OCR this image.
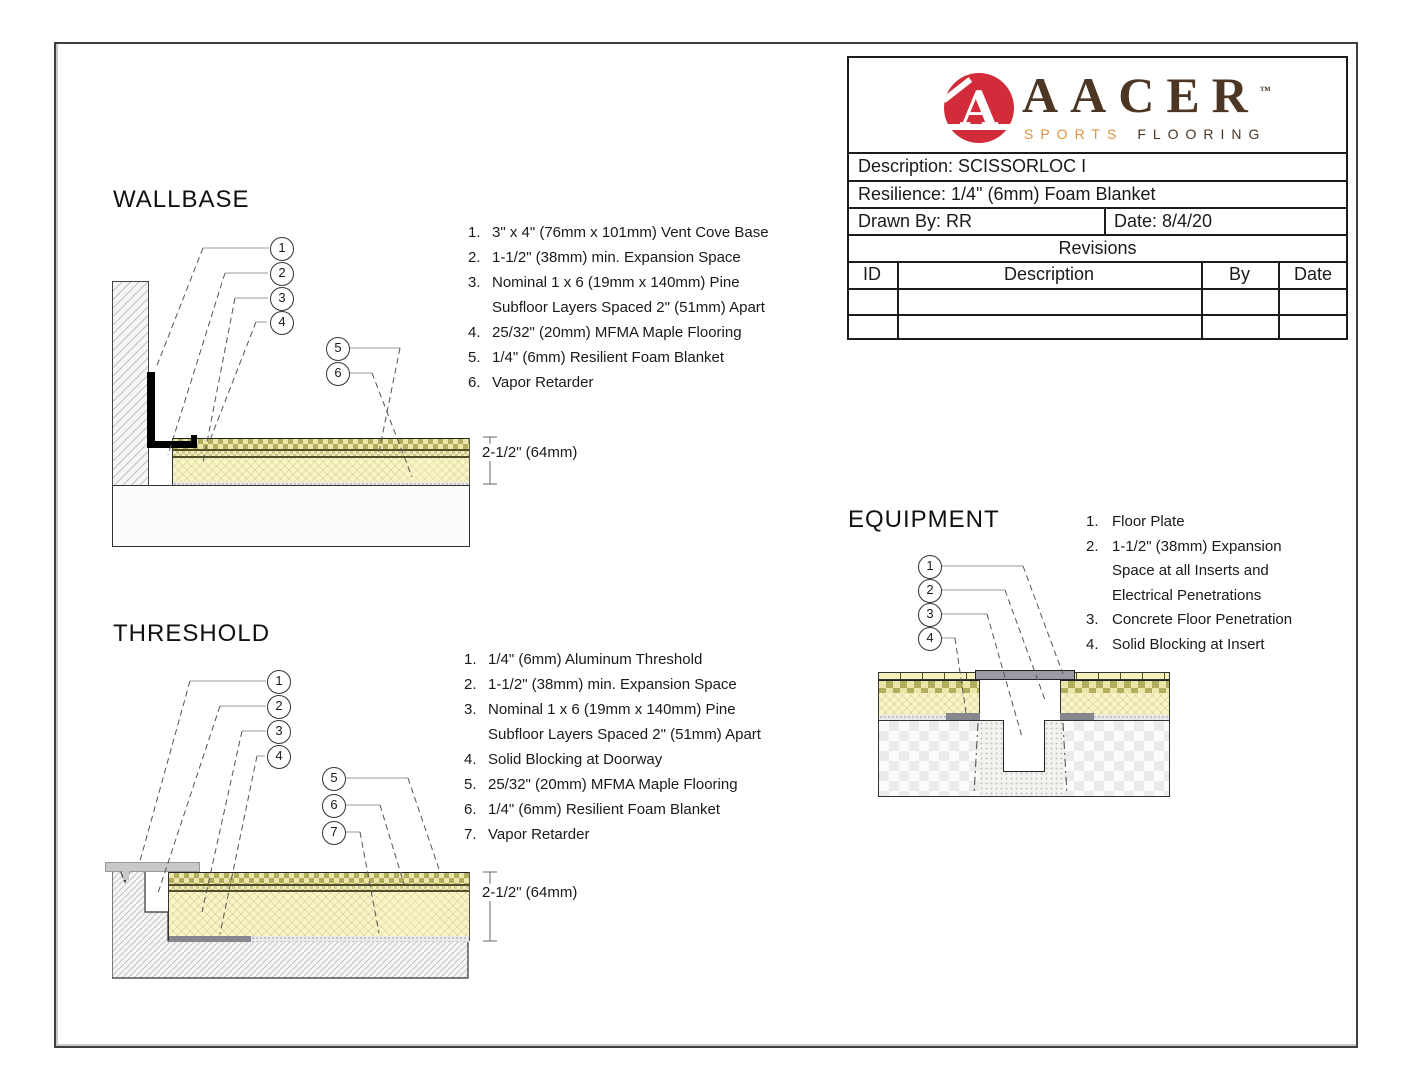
WALLBASE
1. 3" x 4" (76mm x 101mm) Vent Cove Base
2. 1-1/2" (38mm) min. Expansion Space
3. Nominal 1 x 6 (19mm x 140mm) Pine
Subfloor Layers Spaced 2" (51mm) Apart
4. 25/32" (20mm) MFMA Maple Flooring
5. 1/4" (6mm) Resilient Foam Blanket
6. Vapor Retarder
1
2
3
4
5
6
2-1/2" (64mm)
THRESHOLD
1. 1/4" (6mm) Aluminum Threshold
2. 1-1/2" (38mm) min. Expansion Space
3. Nominal 1 x 6 (19mm x 140mm) Pine
Subfloor Layers Spaced 2" (51mm) Apart
4. Solid Blocking at Doorway
5. 25/32" (20mm) MFMA Maple Flooring
6. 1/4" (6mm) Resilient Foam Blanket
7. Vapor Retarder
1
2
3
4
5
6
7
2-1/2" (64mm)
EQUIPMENT	1. Floor Plate
2. 1-1/2" (38mm) Expansion
Space at all Inserts and
Electrical Penetrations
3. Concrete Floor Penetration
4. Solid Blocking at Insert
1
2
3
4
A AACER™
SPORTS FLOORING
Description: SCISSORLOC I
Resilience: 1/4" (6mm) Foam Blanket
Drawn By: RR	Date: 8/4/20
Revisions
ID	Description	By	Date
